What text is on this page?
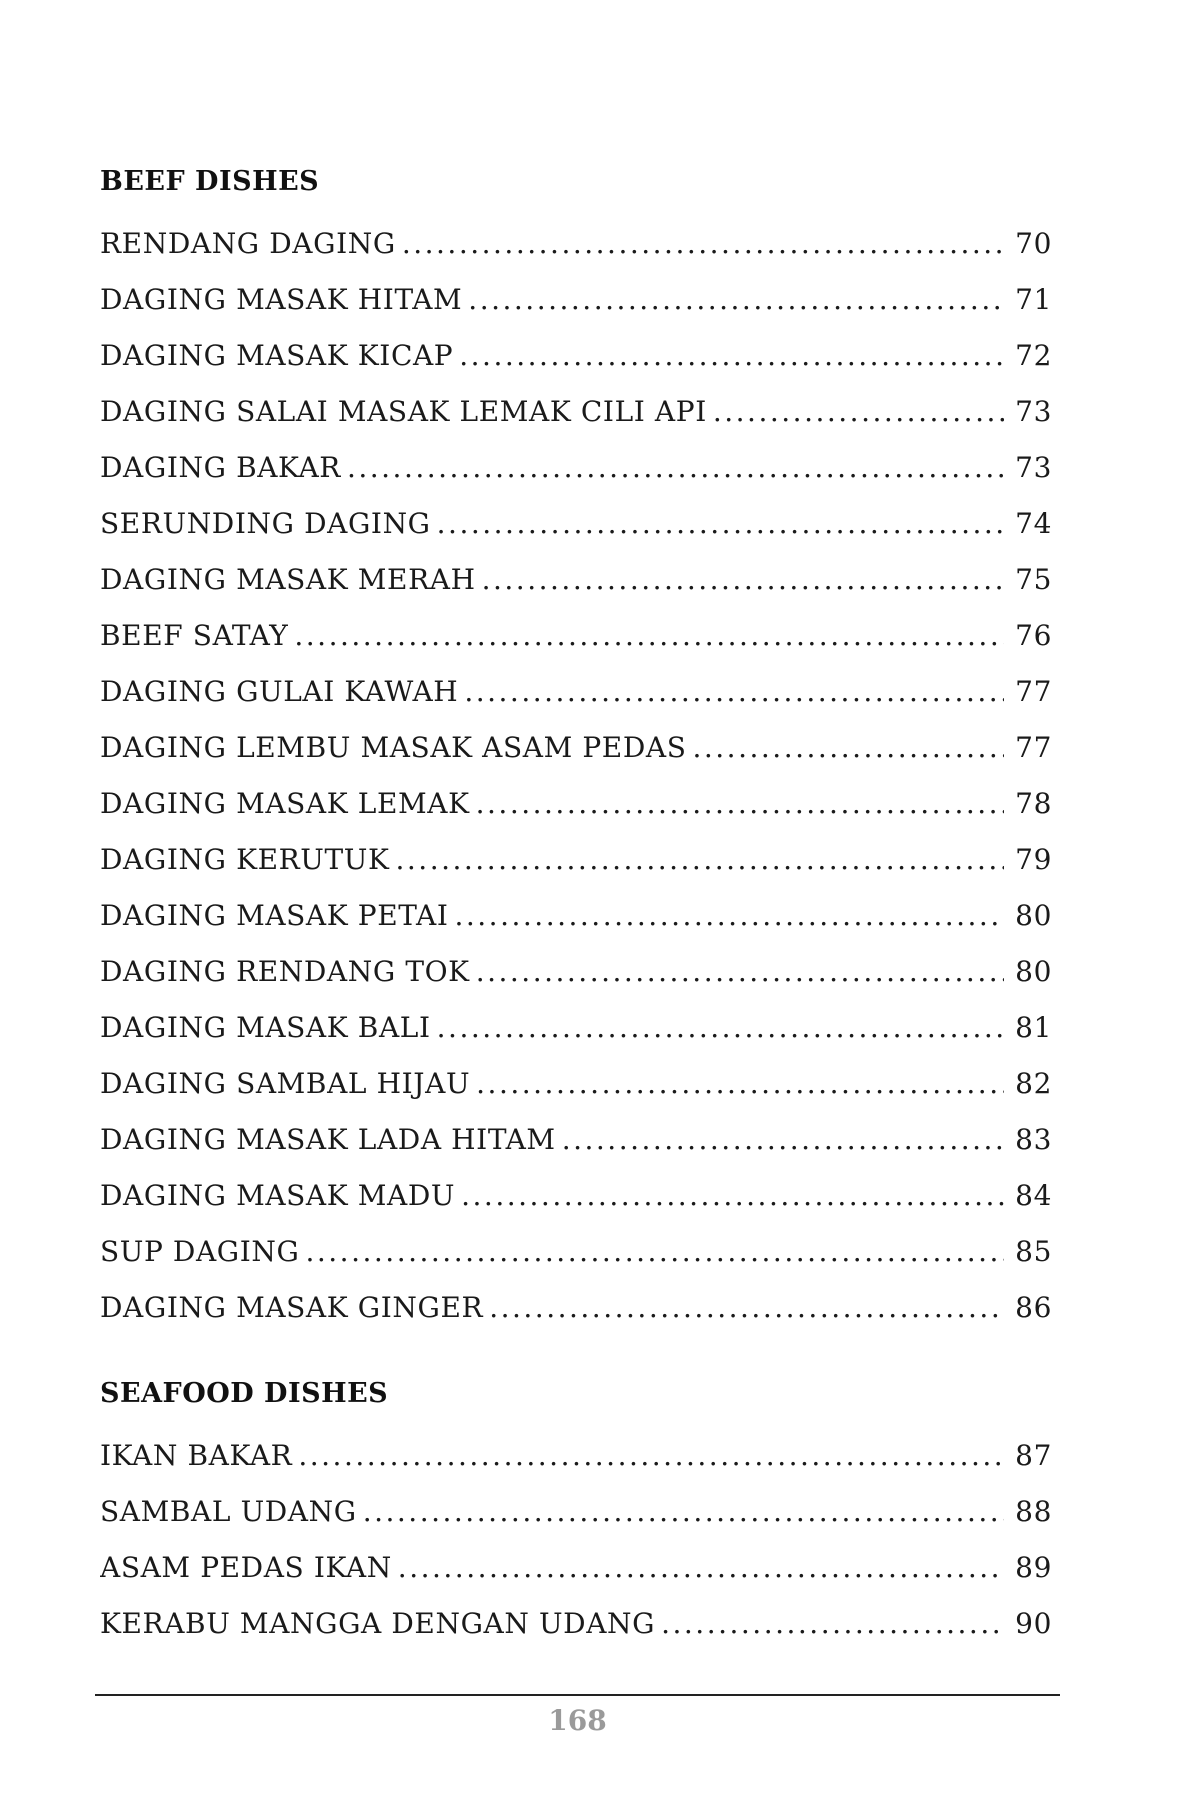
BEEF DISHES
RENDANG DAGING . . .	70
DAGING MASAK HITAM . . .	71
DAGING MASAK KICAP . . .	72
DAGING SALAI MASAK LEMAK CILI API . . .	73
DAGING BAKAR . . .	73
SERUNDING DAGING . . .	74
DAGING MASAK MERAH . . .	75
BEEF SATAY . . .	76
DAGING GULAI KAWAH . . .	77
DAGING LEMBU MASAK ASAM PEDAS . . .	77
DAGING MASAK LEMAK . . .	78
DAGING KERUTUK . . .	79
DAGING MASAK PETAI . . .	80
DAGING RENDANG TOK . . .	80
DAGING MASAK BALI . . .	81
DAGING SAMBAL HIJAU . . .	82
DAGING MASAK LADA HITAM . . .	83
DAGING MASAK MADU . . .	84
SUP DAGING . . .	85
DAGING MASAK GINGER . . .	86
SEAFOOD DISHES
IKAN BAKAR . . .	87
SAMBAL UDANG . . .	88
ASAM PEDAS IKAN . . .	89
KERABU MANGGA DENGAN UDANG . . .	90
168
